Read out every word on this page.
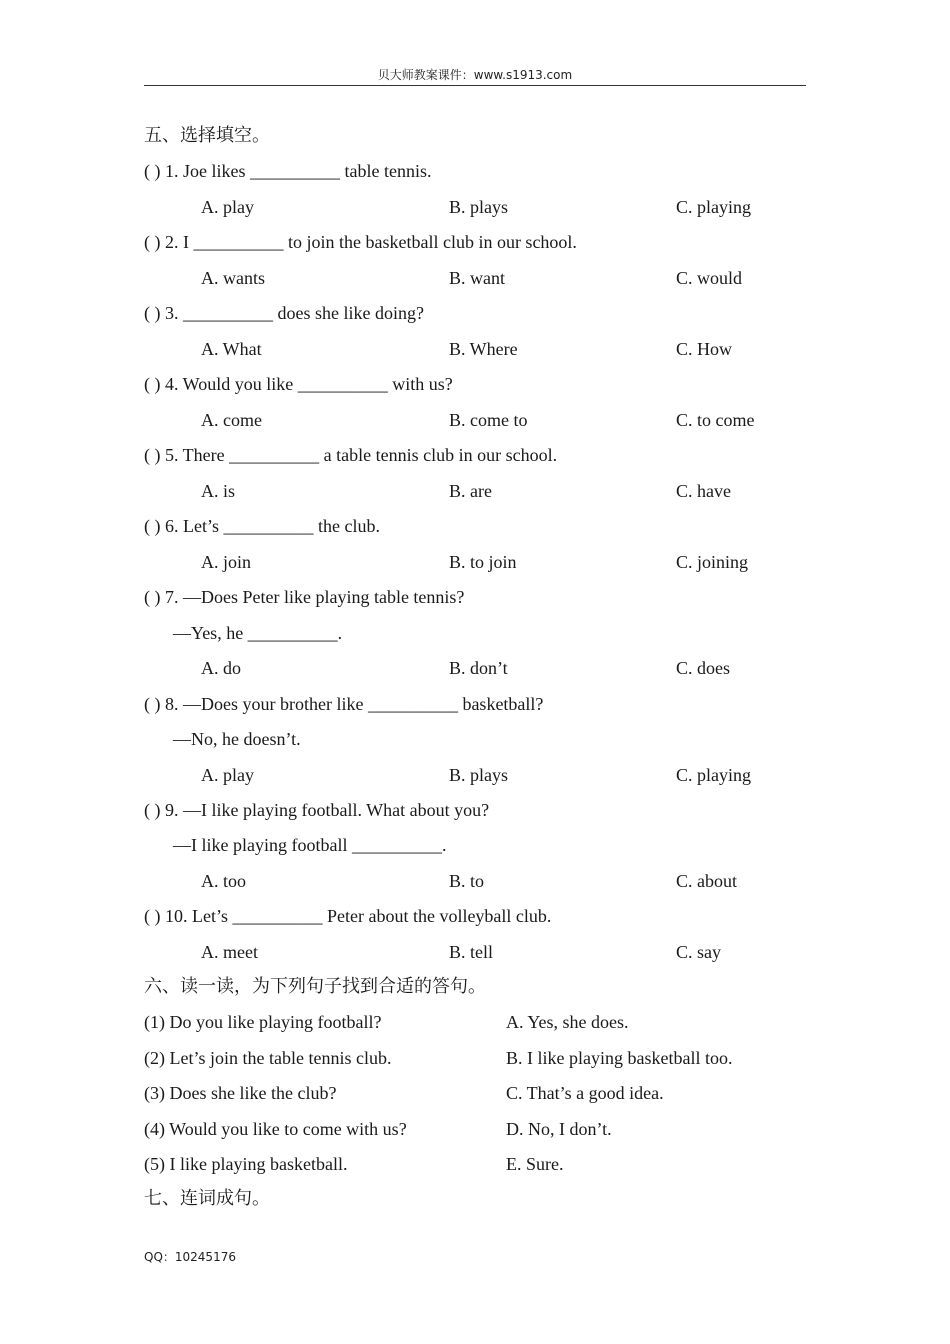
贝大师教案课件：www.s1913.com
五、选择填空。
( ) 1. Joe likes __________ table tennis.
A. play	B. plays	C. playing
( ) 2. I __________ to join the basketball club in our school.
A. wants	B. want	C. would
( ) 3. __________ does she like doing?
A. What	B. Where	C. How
( ) 4. Would you like __________ with us?
A. come	B. come to	C. to come
( ) 5. There __________ a table tennis club in our school.
A. is	B. are	C. have
( ) 6. Let’s __________ the club.
A. join	B. to join	C. joining
( ) 7. —Does Peter like playing table tennis?
—Yes, he __________.
A. do	B. don’t	C. does
( ) 8. —Does your brother like __________ basketball?
—No, he doesn’t.
A. play	B. plays	C. playing
( ) 9. —I like playing football. What about you?
—I like playing football __________.
A. too	B. to	C. about
( ) 10. Let’s __________ Peter about the volleyball club.
A. meet	B. tell	C. say
六、读一读，为下列句子找到合适的答句。
(1) Do you like playing football?	A. Yes, she does.
(2) Let’s join the table tennis club.	B. I like playing basketball too.
(3) Does she like the club?	C. That’s a good idea.
(4) Would you like to come with us?	D. No, I don’t.
(5) I like playing basketball.	E. Sure.
七、连词成句。
QQ：10245176
